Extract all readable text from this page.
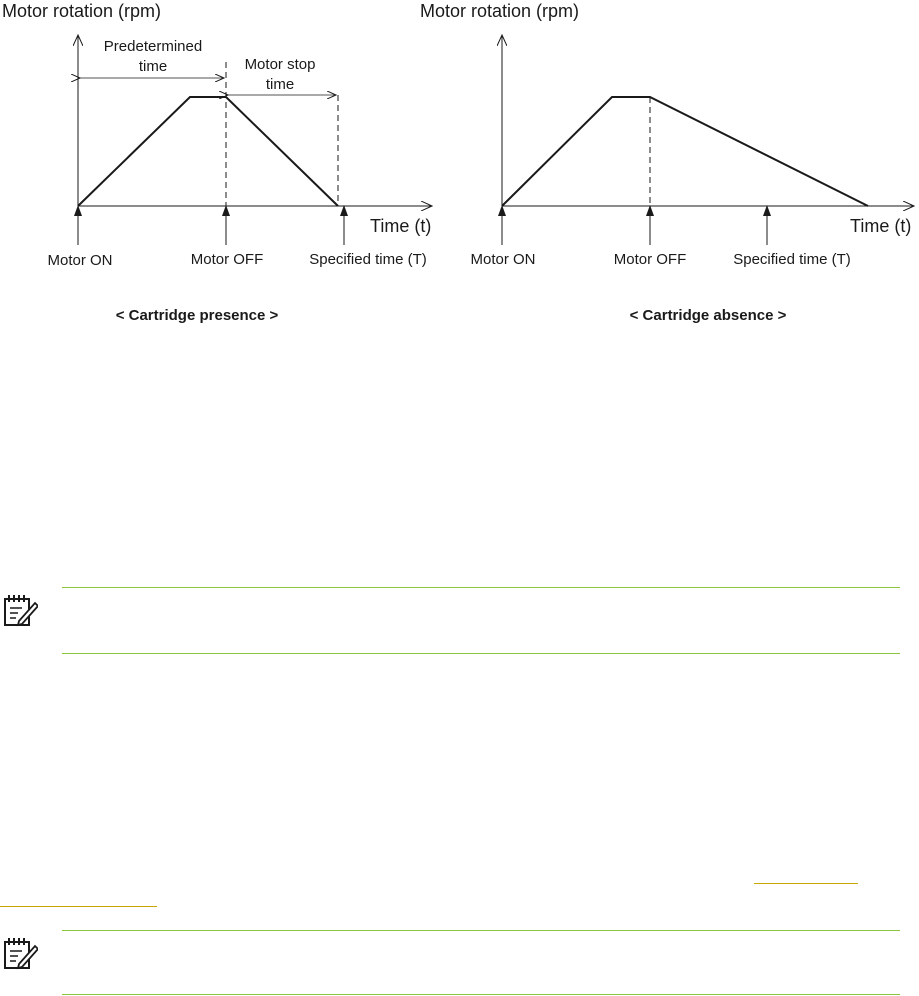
Motor rotation (rpm)
Time (t)
Predetermined
time	Motor stop
time
Motor ON	Motor OFF	Specified time (T)
< Cartridge presence >
Motor rotation (rpm)
Time (t)
Motor ON	Motor OFF	Specified time (T)
< Cartridge absence >
